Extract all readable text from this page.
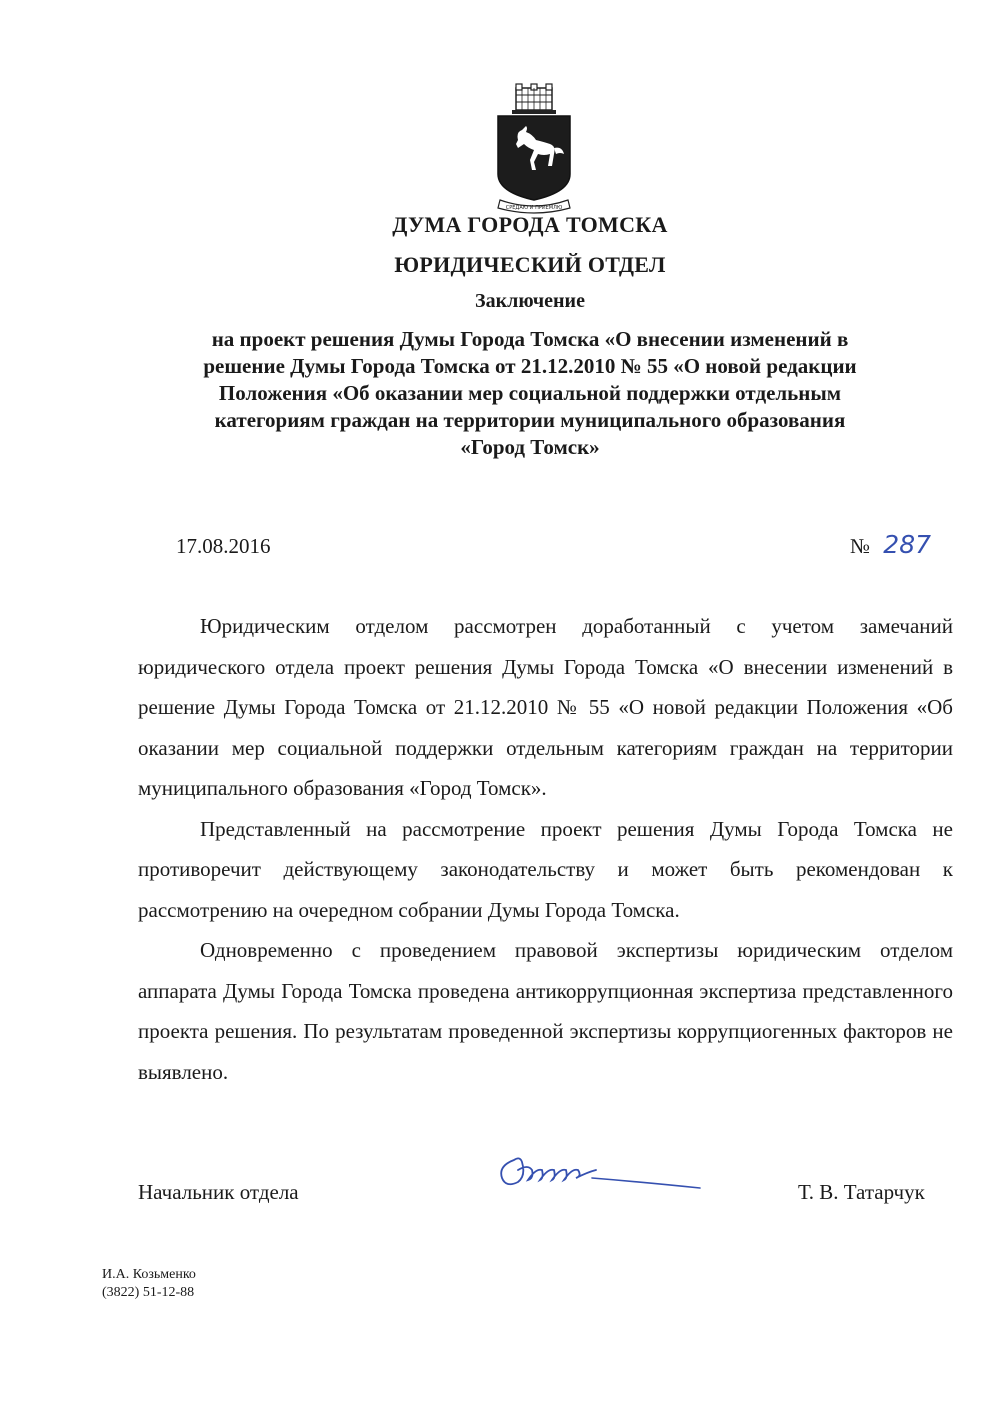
СРЕДАЮ И ПРИЕМЛЮ
ДУМА ГОРОДА ТОМСКА
ЮРИДИЧЕСКИЙ ОТДЕЛ
Заключение
на проект решения Думы Города Томска «О внесении изменений в
решение Думы Города Томска от 21.12.2010 № 55 «О новой редакции
Положения «Об оказании мер социальной поддержки отдельным
категориям граждан на территории муниципального образования
«Город Томск»
17.08.2016	№ 287

Юридическим отделом рассмотрен доработанный с учетом замечаний юридического отдела проект решения Думы Города Томска «О внесении изменений в решение Думы Города Томска от 21.12.2010 № 55 «О новой редакции Положения «Об оказании мер социальной поддержки отдельным категориям граждан на территории муниципального образования «Город Томск».

Представленный на рассмотрение проект решения Думы Города Томска не противоречит действующему законодательству и может быть рекомендован к рассмотрению на очередном собрании Думы Города Томска.

Одновременно с проведением правовой экспертизы юридическим отделом аппарата Думы Города Томска проведена антикоррупционная экспертиза представленного проекта решения. По результатам проведенной экспертизы коррупциогенных факторов не выявлено.

Начальник отдела	Т. В. Татарчук
И.А. Козьменко
(3822) 51-12-88
